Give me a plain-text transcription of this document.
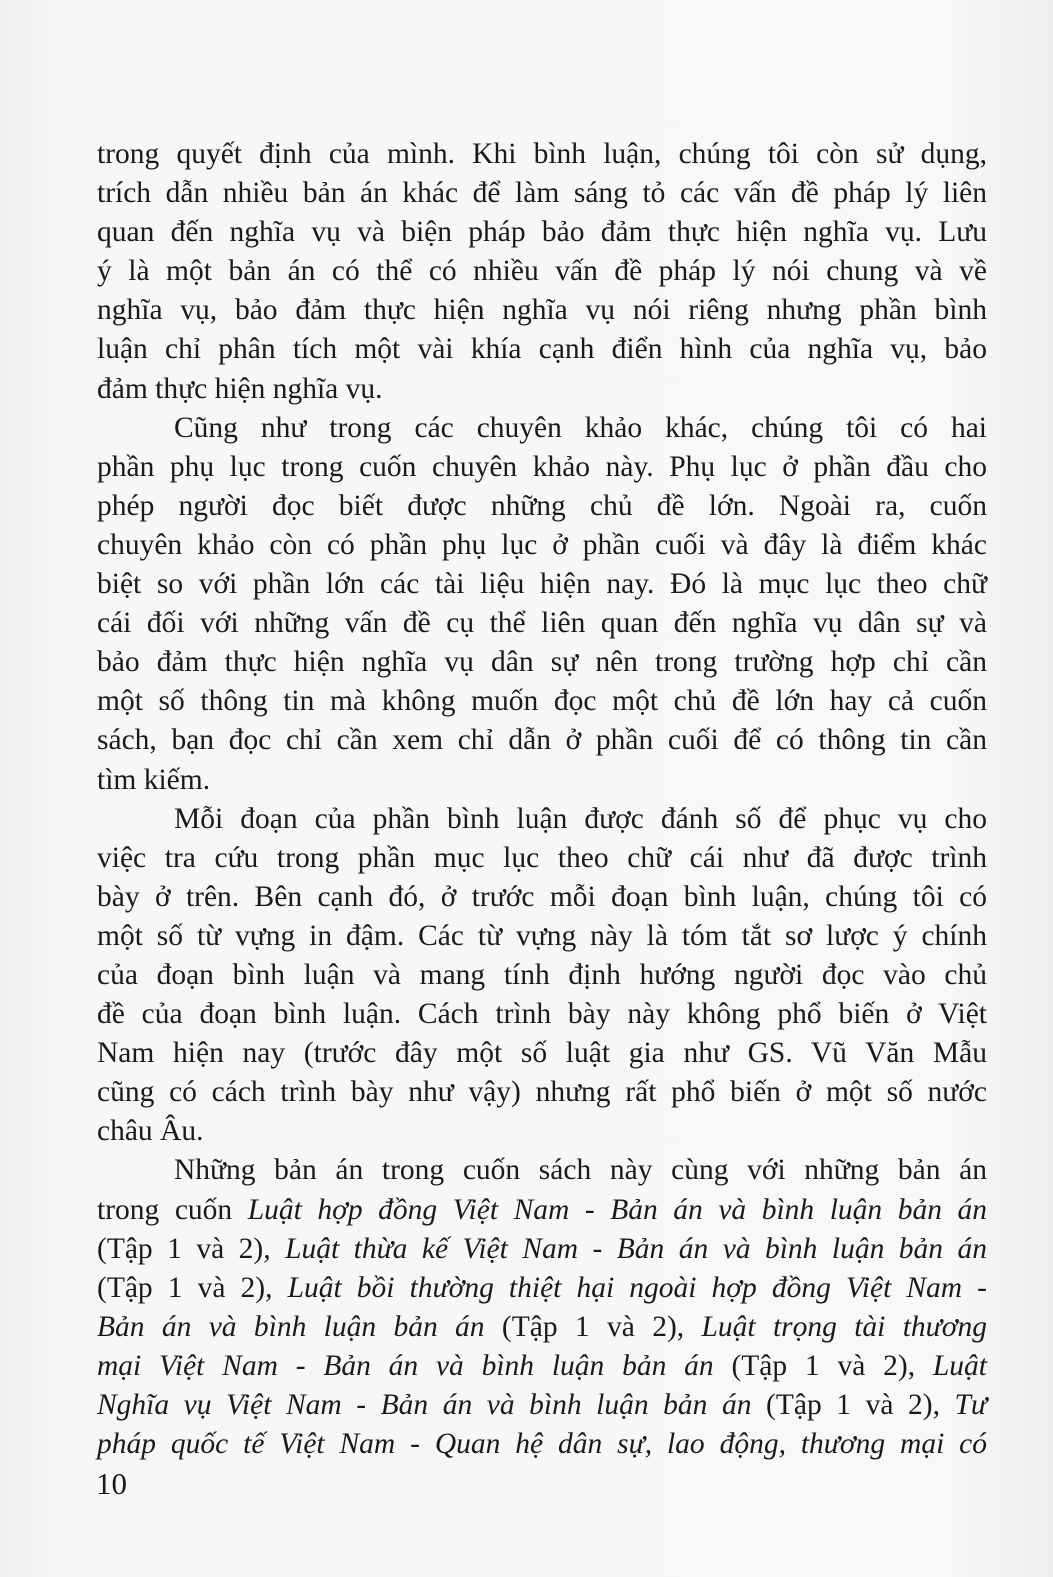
trong quyết định của mình. Khi bình luận, chúng tôi còn sử dụng,
trích dẫn nhiều bản án khác để làm sáng tỏ các vấn đề pháp lý liên
quan đến nghĩa vụ và biện pháp bảo đảm thực hiện nghĩa vụ. Lưu
ý là một bản án có thể có nhiều vấn đề pháp lý nói chung và về
nghĩa vụ, bảo đảm thực hiện nghĩa vụ nói riêng nhưng phần bình
luận chỉ phân tích một vài khía cạnh điển hình của nghĩa vụ, bảo
đảm thực hiện nghĩa vụ.

Cũng như trong các chuyên khảo khác, chúng tôi có hai
phần phụ lục trong cuốn chuyên khảo này. Phụ lục ở phần đầu cho
phép người đọc biết được những chủ đề lớn. Ngoài ra, cuốn
chuyên khảo còn có phần phụ lục ở phần cuối và đây là điểm khác
biệt so với phần lớn các tài liệu hiện nay. Đó là mục lục theo chữ
cái đối với những vấn đề cụ thể liên quan đến nghĩa vụ dân sự và
bảo đảm thực hiện nghĩa vụ dân sự nên trong trường hợp chỉ cần
một số thông tin mà không muốn đọc một chủ đề lớn hay cả cuốn
sách, bạn đọc chỉ cần xem chỉ dẫn ở phần cuối để có thông tin cần
tìm kiếm.

Mỗi đoạn của phần bình luận được đánh số để phục vụ cho
việc tra cứu trong phần mục lục theo chữ cái như đã được trình
bày ở trên. Bên cạnh đó, ở trước mỗi đoạn bình luận, chúng tôi có
một số từ vựng in đậm. Các từ vựng này là tóm tắt sơ lược ý chính
của đoạn bình luận và mang tính định hướng người đọc vào chủ
đề của đoạn bình luận. Cách trình bày này không phổ biến ở Việt
Nam hiện nay (trước đây một số luật gia như GS. Vũ Văn Mẫu
cũng có cách trình bày như vậy) nhưng rất phổ biến ở một số nước
châu Âu.

Những bản án trong cuốn sách này cùng với những bản án
trong cuốn Luật hợp đồng Việt Nam - Bản án và bình luận bản án
(Tập 1 và 2), Luật thừa kế Việt Nam - Bản án và bình luận bản án
(Tập 1 và 2), Luật bồi thường thiệt hại ngoài hợp đồng Việt Nam -
Bản án và bình luận bản án (Tập 1 và 2), Luật trọng tài thương
mại Việt Nam - Bản án và bình luận bản án (Tập 1 và 2), Luật
Nghĩa vụ Việt Nam - Bản án và bình luận bản án (Tập 1 và 2), Tư
pháp quốc tế Việt Nam - Quan hệ dân sự, lao động, thương mại có

10
